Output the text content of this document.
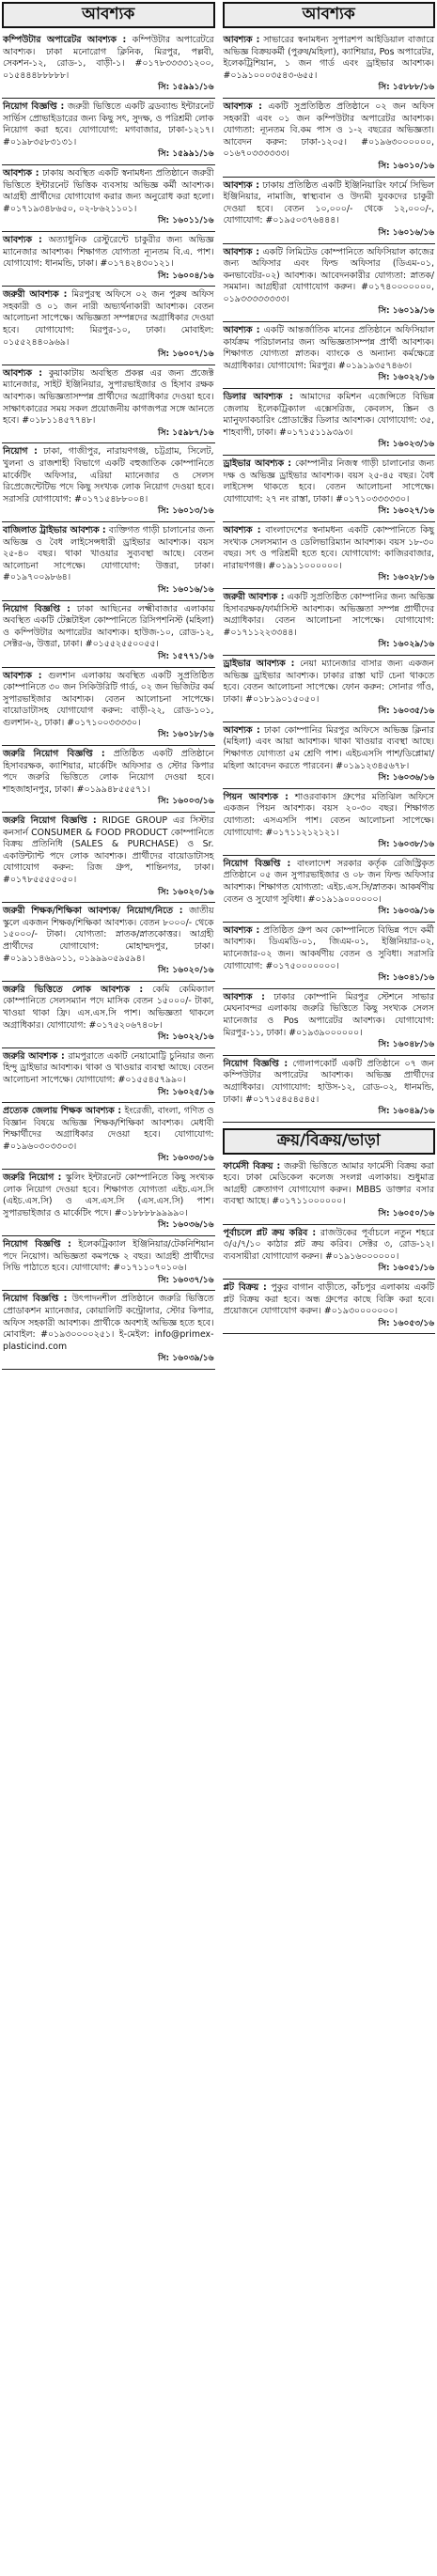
আবশ্যক
কম্পিউটার অপারেটর আবশ্যক : কম্পিউটার অপারেটরে আবশ্যক। ঢাকা মনোরোগ ক্লিনিক, মিরপুর, পল্লবী, সেকশন-১২, রোড-১, বাড়ী-১। #০১৭৮৩৩৩৩১২০০, ০১৫৪৪৪৮৮৮৮৮।
সি: ১৫৯৯১/১৬
নিয়োগ বিজ্ঞপ্তি : জরুরী ভিত্তিতে একটি ব্রডব্যান্ড ইন্টারনেট সার্ভিস প্রোভাইডারের জন্য কিছু সৎ, সুদক্ষ, ও পরিশ্রমী লোক নিয়োগ করা হবে। যোগাযোগ: মগবাজার, ঢাকা-১২১৭। #০১৯৮৩৫৮৩১৩১।
সি: ১৫৯৯১/১৬
আবশ্যক : ঢাকায় অবস্থিত একটি স্বনামধন্য প্রতিষ্ঠানে জরুরী ভিত্তিতে ইন্টারনেট ভিত্তিক ব্যবসায় অভিজ্ঞ কর্মী আবশ্যক। আগ্রহী প্রার্থীদের যোগাযোগ করার জন্য অনুরোধ করা হলো। #০১৭১৯৩৪৮৬৫০, ০২-৮৬২১১০১।
সি: ১৬০১১/১৬
আবশ্যক : অত্যাধুনিক রেস্টুরেন্টে চাকুরীর জন্য অভিজ্ঞ ম্যানেজার আবশ্যক। শিক্ষাগত যোগ্যতা ন্যূনতম বি.এ. পাশ। যোগাযোগ: ধানমন্ডি, ঢাকা। #০১৭৪২৪৩০১২১।
সি: ১৬০০৪/১৬
জরুরী আবশ্যক : মিরপুরস্থ অফিসে ০২ জন পুরুষ অফিস সহকারী ও ০১ জন নারী অভ্যর্থনাকারী আবশ্যক। বেতন আলোচনা সাপেক্ষে। অভিজ্ঞতা সম্পন্নদের অগ্রাধিকার দেওয়া হবে। যোগাযোগ: মিরপুর-১০, ঢাকা। মোবাইল: ০১৫৫২৪৪০৯৬৯।
সি: ১৬০০৭/১৬
আবশ্যক : কুয়াকাটায় অবস্থিত প্রকল্প এর জন্য প্রজেক্ট ম্যানেজার, সাইট ইঞ্জিনিয়ার, সুপারভাইজার ও হিসাব রক্ষক আবশ্যক। অভিজ্ঞতাসম্পন্ন প্রার্থীদের অগ্রাধিকার দেওয়া হবে। সাক্ষাৎকারের সময় সকল প্রয়োজনীয় কাগজপত্র সঙ্গে আনতে হবে। #০১৮১১৪৫৭৭৪৮।
সি: ১৫৯৮৭/১৬
নিয়োগ : ঢাকা, গাজীপুর, নারায়ণগঞ্জ, চট্টগ্রাম, সিলেট, খুলনা ও রাজশাহী বিভাগে একটি বহুজাতিক কোম্পানিতে মার্কেটিং অফিসার, এরিয়া ম্যানেজার ও সেলস রিপ্রেজেন্টেটিভ পদে কিছু সংখ্যক লোক নিয়োগ দেওয়া হবে। সরাসরি যোগাযোগ: #০১৭১৫৪৮৮০০৪।
সি: ১৬০১৩/১৬
বাজিলাত ট্রাইভার আবশ্যক : ব্যক্তিগত গাড়ী চালানোর জন্য অভিজ্ঞ ও বৈধ লাইসেন্সধারী ড্রাইভার আবশ্যক। বয়স ২৫-৪০ বছর। থাকা খাওয়ার সুব্যবস্থা আছে। বেতন আলোচনা সাপেক্ষে। যোগাযোগ: উত্তরা, ঢাকা। #০১৯৭০০৯৮৬৪।
সি: ১৬০১৬/১৬
নিয়োগ বিজ্ঞপ্তি : ঢাকা আছিনের লক্ষ্মীবাজার এলাকায় অবস্থিত একটি টেক্সটাইল কোম্পানিতে রিসিপশনিস্ট (মহিলা) ও কম্পিউটার অপারেটর আবশ্যক। হাউজ-১০, রোড-১২, সেক্টর-৬, উত্তরা, ঢাকা। #০১৫৫২৫৫০০৫৫।
সি: ১৫৭৭১/১৬
আবশ্যক : গুলশান এলাকায় অবস্থিত একটি সুপ্রতিষ্ঠিত কোম্পানিতে ৩০ জন সিকিউরিটি গার্ড, ০২ জন ভিজিটর কর্ম সুপারভাইজার আবশ্যক। বেতন আলোচনা সাপেক্ষে। বায়োডাটাসহ যোগাযোগ করুন: বাড়ী-২২, রোড-১০১, গুলশান-২, ঢাকা। #০১৭১০০৩৩৩৩০।
সি: ১৬০১৮/১৬
জরুরি নিয়োগ বিজ্ঞপ্তি : প্রতিষ্ঠিত একটি প্রতিষ্ঠানে হিসাবরক্ষক, ক্যাশিয়ার, মার্কেটিং অফিসার ও স্টোর কিপার পদে জরুরি ভিত্তিতে লোক নিয়োগ দেওয়া হবে। শাহজাহানপুর, ঢাকা। #০১৯৯৪৮৫৫৫৭১।
সি: ১৬০০৩/১৬
জরুরি নিয়োগ বিজ্ঞপ্তি : RIDGE GROUP এর সিস্টার কনসার্ন CONSUMER & FOOD PRODUCT কোম্পানিতে বিক্রয় প্রতিনিধি (SALES & PURCHASE) ও Sr. একাউন্ট্যান্ট পদে লোক আবশ্যক। প্রার্থীদের বায়োডাটাসহ যোগাযোগ করুন: রিজ গ্রুপ, শান্তিনগর, ঢাকা। #০১৭৮৫৫৫৫০৫০।
সি: ১৬০২০/১৬
জরুরী শিক্ষক/শিক্ষিকা আবশ্যক/ নিয়োগ/নিতে : জাতীয় স্কুলে একজন শিক্ষক/শিক্ষিকা আবশ্যক। বেতন ৮০০০/- থেকে ১৫০০০/- টাকা। যোগ্যতা: স্নাতক/স্নাতকোত্তর। আগ্রহী প্রার্থীদের যোগাযোগ: মোহাম্মদপুর, ঢাকা। #০১৯১১৪৬৯০১১, ০১৯৯৯০৫৯৫৯৪।
সি: ১৬০২০/১৬
জরুরি ভিত্তিতে লোক আবশ্যক : কেমি কেমিক্যাল কোম্পানিতে সেলসম্যান পদে মাসিক বেতন ১৫০০০/- টাকা, খাওয়া থাকা ফ্রি। এস.এস.সি পাশ। অভিজ্ঞতা থাকলে অগ্রাধিকার। যোগাযোগ: #০১৭৫২০৬৭৪০৮।
সি: ১৬০২২/১৬
জরুরি আবশ্যক : রামপুরাতে একটি নেয়ামোট্টি চুনিয়ার জন্য হিন্দু ড্রাইভার আবশ্যক। থাকা ও খাওয়ার ব্যবস্থা আছে। বেতন আলোচনা সাপেক্ষে। যোগাযোগ: #০১৫৫৪৫৭৯৯০।
সি: ১৬০২৫/১৬
প্রত্যেক জেলায় শিক্ষক আবশ্যক : ইংরেজী, বাংলা, গণিত ও বিজ্ঞান বিষয়ে অভিজ্ঞ শিক্ষক/শিক্ষিকা আবশ্যক। মেধাবী শিক্ষার্থীদের অগ্রাধিকার দেওয়া হবে। যোগাযোগ: #০১৯৬০৩০৩৩০৩।
সি: ১৬০৩৩/১৬
জরুরি নিয়োগ : স্কুলিং ইন্টারনেট কোম্পানিতে কিছু সংখ্যক লোক নিয়োগ দেওয়া হবে। শিক্ষাগত যোগ্যতা এইচ.এস.সি (এইচ.এস.সি) ও এস.এস.সি (এস.এস.সি) পাশ। সুপারভাইজার ও মার্কেটিং পদে। #০১৮৮৮৮৯৯৯৯০।
সি: ১৬০৩৬/১৬
নিয়োগ বিজ্ঞপ্তি : ইলেকট্রিক্যাল ইঞ্জিনিয়ার/টেকনিশিয়ান পদে নিয়োগ। অভিজ্ঞতা কমপক্ষে ২ বছর। আগ্রহী প্রার্থীদের সিভি পাঠাতে হবে। যোগাযোগ: #০১৭১১০৭০১০৬।
সি: ১৬০৩৭/১৬
নিয়োগ বিজ্ঞপ্তি : উৎপাদনশীল প্রতিষ্ঠানে জরুরি ভিত্তিতে প্রোডাকশন ম্যানেজার, কোয়ালিটি কন্ট্রোলার, স্টোর কিপার, অফিস সহকারী আবশ্যক। প্রার্থীকে অবশ্যই অভিজ্ঞ হতে হবে। মোবাইল: #০১৯৩০০০০২৫১। ই-মেইল: info@primex-plasticind.com
সি: ১৬০৩৯/১৬
আবশ্যক
আবশ্যক : সাভারের স্বনামধন্য সুপারশপ আইডিয়াল বাজারে অভিজ্ঞ বিক্রয়কর্মী (পুরুষ/মহিলা), ক্যাশিয়ার, Pos অপারেটর, ইলেকট্রিশিয়ান, ১ জন গার্ড এবং ড্রাইভার আবশ্যক। #০১৯১০০০৩৫৪৩-৬৫৫।
সি: ১৫৮৮৮/১৬
আবশ্যক : একটি সুপ্রতিষ্ঠিত প্রতিষ্ঠানে ০২ জন অফিস সহকারী এবং ০১ জন কম্পিউটার অপারেটর আবশ্যক। যোগ্যতা: ন্যূনতম বি.কম পাস ও ১-২ বছরের অভিজ্ঞতা। আবেদন করুন: ঢাকা-১২০৫। #০১৯৬৩০০০০০০, ০১৬৭০৩৩৩৩৩৩।
সি: ১৬০১০/১৬
আবশ্যক : ঢাকায় প্রতিষ্ঠিত একটি ইঞ্জিনিয়ারিং ফার্মে সিভিল ইঞ্জিনিয়ার, নামাজি, স্বাস্থ্যবান ও উদ্যমী যুবকদের চাকুরী দেওয়া হবে। বেতন ১০,০০০/- থেকে ১২,০০০/-, যোগাযোগ: #০১৯৫০৩৭৬৪৪৪।
সি: ১৬০১৬/১৬
আবশ্যক : একটি লিমিটেড কোম্পানিতে অফিসিয়াল কাজের জন্য অফিসার এবং ফিল্ড অফিসার (ডিএম-০১, কনভাবেটর-০২) আবশ্যক। আবেদনকারীর যোগ্যতা: স্নাতক/সমমান। আগ্রহীরা যোগাযোগ করুন। #০১৭৪০০০০০০০, ০১৯৩৩৩৩৩৩৩৩।
সি: ১৬০১৯/১৬
আবশ্যক : একটি আন্তর্জাতিক মানের প্রতিষ্ঠানে অফিসিয়াল কার্যক্রম পরিচালনার জন্য অভিজ্ঞতাসম্পন্ন প্রার্থী আবশ্যক। শিক্ষাগত যোগ্যতা স্নাতক। ব্যাংকে ও অন্যান্য কর্মক্ষেত্রে অগ্রাধিকার। যোগাযোগ: মিরপুর। #০১৯১৯৩৫৭৪৬৩।
সি: ১৬০২২/১৬
ডিলার আবশ্যক : আমাদের কমিশন এজেন্সিতে বিভিন্ন জেলায় ইলেকট্রিক্যাল এক্সেসরিজ, কেবলস, স্ক্রিন ও ম্যানুফ্যাকচারিং প্রোডাক্টের ডিলার আবশ্যক। যোগাযোগ: ৩৫, শাহবাগী, ঢাকা। #০১৭১৫১১৯৩৯৩।
সি: ১৬০২৩/১৬
ড্রাইভার আবশ্যক : কোম্পানীর নিজস্ব গাড়ী চালানোর জন্য দক্ষ ও অভিজ্ঞ ড্রাইভার আবশ্যক। বয়স ২৫-৪৫ বছর। বৈধ লাইসেন্স থাকতে হবে। বেতন আলোচনা সাপেক্ষে। যোগাযোগ: ২৭ নং রাস্তা, ঢাকা। #০১৭১০৩৩৩৩৩০।
সি: ১৬০২৭/১৬
আবশ্যক : বাংলাদেশের স্বনামধন্য একটি কোম্পানিতে কিছু সংখ্যক সেলসম্যান ও ডেলিভারিম্যান আবশ্যক। বয়স ১৮-৩০ বছর। সৎ ও পরিশ্রমী হতে হবে। যোগাযোগ: কাজিরবাজার, নারায়ণগঞ্জ। #০১৯১১০০০০০০।
সি: ১৬০২৮/১৬
জরুরী আবশ্যক : একটি সুপ্রতিষ্ঠিত কোম্পানির জন্য অভিজ্ঞ হিসাবরক্ষক/ফার্মাসিস্ট আবশ্যক। অভিজ্ঞতা সম্পন্ন প্রার্থীদের অগ্রাধিকার। বেতন আলোচনা সাপেক্ষে। যোগাযোগ: #০১৭১১২২৩৩৪৪।
সি: ১৬০২৯/১৬
ড্রাইভার আবশ্যক : নেয়া ম্যানেজার বাসার জন্য একজন অভিজ্ঞ ড্রাইভার আবশ্যক। ঢাকার রাস্তা ঘাট চেনা থাকতে হবে। বেতন আলোচনা সাপেক্ষে। ফোন করুন: সোনার গাঁও, ঢাকা। #০১৮১৯০১৫০৫০।
সি: ১৬০৩৫/১৬
আবশ্যক : ঢাকা কোম্পানির মিরপুর অফিসে অভিজ্ঞ ক্লিনার (মহিলা) এবং আয়া আবশ্যক। থাকা খাওয়ার ব্যবস্থা আছে। শিক্ষাগত যোগ্যতা ৫ম শ্রেণি পাশ। এইচএসসি পাশ/ডিপ্লোমা/মহিলা আবেদন করতে পারবেন। #০১৯১২৩৪৫৬৭৮।
সি: ১৬০৩৬/১৬
পিয়ন আবশ্যক : শাওরবাকাস গ্রুপের মতিঝিল অফিসে একজন পিয়ন আবশ্যক। বয়স ২০-৩০ বছর। শিক্ষাগত যোগ্যতা: এসএসসি পাশ। বেতন আলোচনা সাপেক্ষে। যোগাযোগ: #০১৭১১২১২১২১।
সি: ১৬০৩৮/১৬
নিয়োগ বিজ্ঞপ্তি : বাংলাদেশ সরকার কর্তৃক রেজিস্ট্রিকৃত প্রতিষ্ঠানে ০৫ জন সুপারভাইজার ও ০৮ জন ফিল্ড অফিসার আবশ্যক। শিক্ষাগত যোগ্যতা: এইচ.এস.সি/স্নাতক। আকর্ষণীয় বেতন ও সুযোগ সুবিধা। #০১৯১৯০০০০০০।
সি: ১৬০৩৯/১৬
আবশ্যক : প্রতিষ্ঠিত গ্রুপ অব কোম্পানিতে বিভিন্ন পদে কর্মী আবশ্যক। ডিএমডি-০১, জিএম-০১, ইঞ্জিনিয়ার-০২, ম্যানেজার-০২ জন। আকর্ষণীয় বেতন ও সুবিধা। সরাসরি যোগাযোগ: #০১৭৫০০০০০০০।
সি: ১৬০৪১/১৬
আবশ্যক : ঢাকার কোম্পানি মিরপুর স্টেশনে সাভার মেঘনাবন্দর এলাকায় জরুরি ভিত্তিতে কিছু সংখ্যক সেলস ম্যানেজার ও Pos অপারেটর আবশ্যক। যোগাযোগ: মিরপুর-১১, ঢাকা। #০১৯৩৯০০০০০০।
সি: ১৬০৪৮/১৬
নিয়োগ বিজ্ঞপ্তি : গোলাপকোর্ট একটি প্রতিষ্ঠানে ০৭ জন কম্পিউটার অপারেটর আবশ্যক। অভিজ্ঞ প্রার্থীদের অগ্রাধিকার। যোগাযোগ: হাউস-১২, রোড-০২, ধানমন্ডি, ঢাকা। #০১৭১৫৪৫৪৫৪৫।
সি: ১৬০৪৯/১৬
ক্রয়/বিক্রয়/ভাড়া
ফার্মেসী বিক্রয় : জরুরী ভিত্তিতে আমার ফার্মেসী বিক্রয় করা হবে। ঢাকা মেডিকেল কলেজ সংলগ্ন এলাকায়। শুধুমাত্র আগ্রহী ক্রেতাগণ যোগাযোগ করুন। MBBS ডাক্তার বসার ব্যবস্থা আছে। #০১৭১১০০০০০০।
সি: ১৬০৫০/১৬
পূর্বাচলে প্লট ক্রয় করিব : রাজউকের পূর্বাচলে নতুন শহরে ৩/৫/৭/১০ কাঠার প্লট ক্রয় করিব। সেক্টর ৩, রোড-১২। ব্যবসায়ীরা যোগাযোগ করুন। #০১৯১৬০০০০০০।
সি: ১৬০৫১/১৬
প্লট বিক্রয় : পুকুর বাগান বাড়ীতে, কাঁচপুর এলাকায় একটি প্লট বিক্রয় করা হবে। অন্ধ গ্রুপের কাছে বিক্রি করা হবে। প্রয়োজনে যোগাযোগ করুন। #০১৯৩০০০০০০০।
সি: ১৬০৫৩/১৬
